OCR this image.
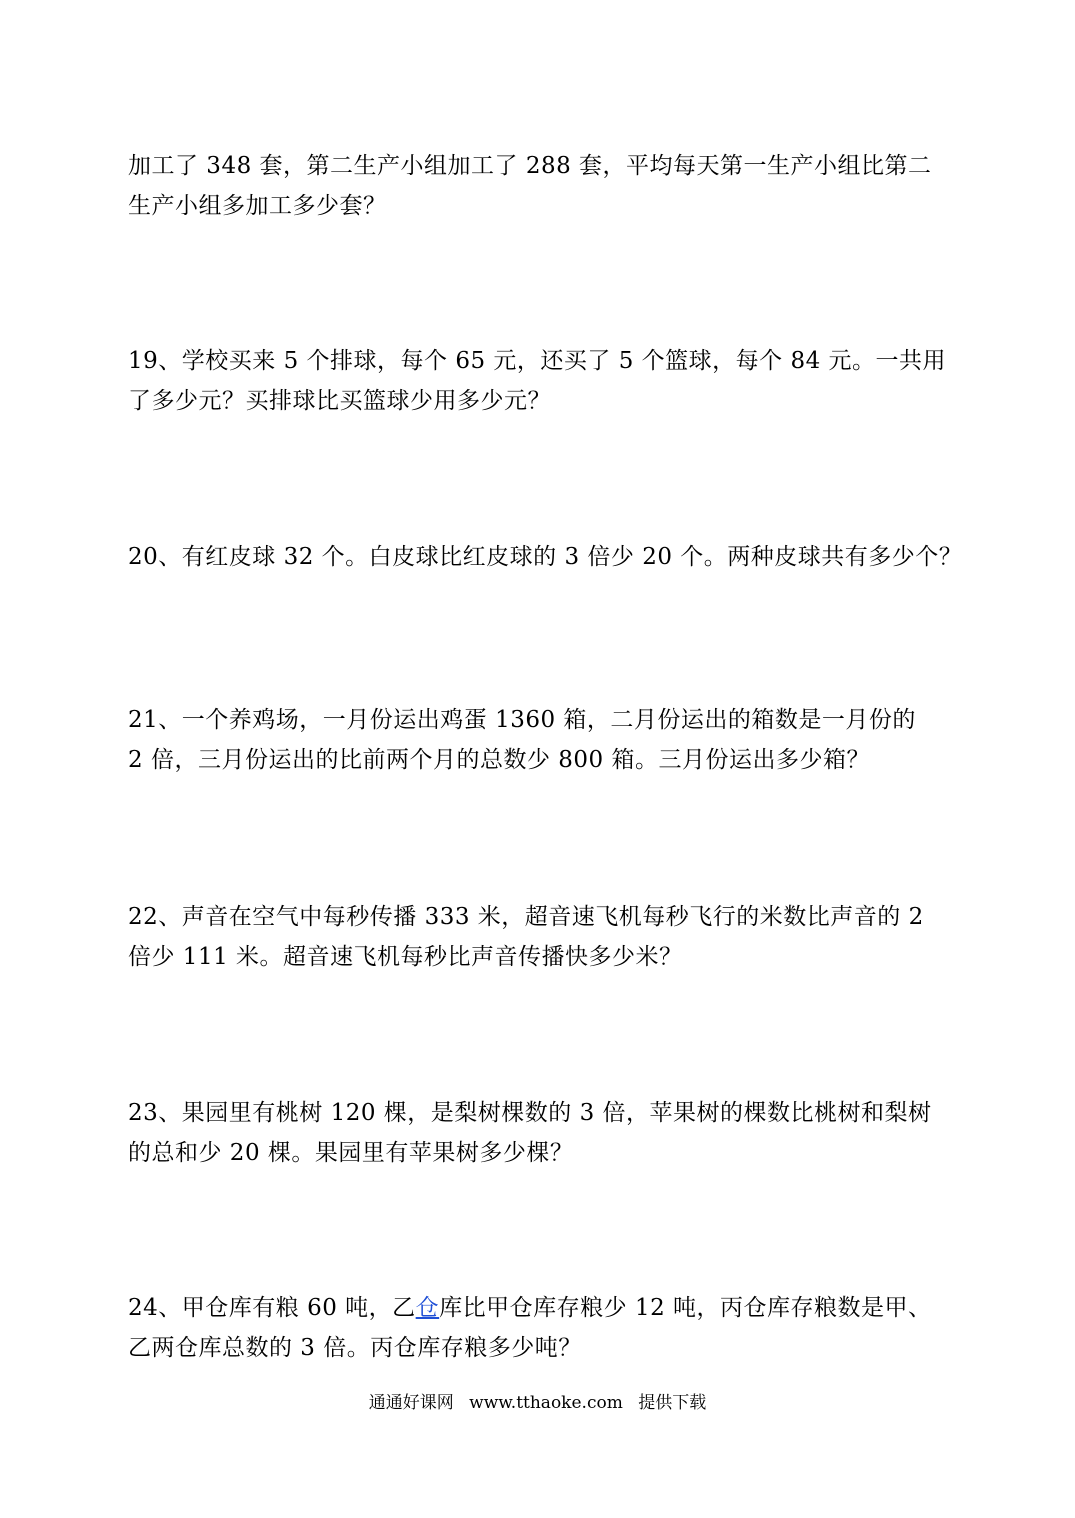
加工了 348 套，第二生产小组加工了 288 套，平均每天第一生产小组比第二
生产小组多加工多少套？
19、学校买来 5 个排球，每个 65 元，还买了 5 个篮球，每个 84 元。一共用
了多少元？买排球比买篮球少用多少元？
20、有红皮球 32 个。白皮球比红皮球的 3 倍少 20 个。两种皮球共有多少个？
21、一个养鸡场，一月份运出鸡蛋 1360 箱，二月份运出的箱数是一月份的
2 倍，三月份运出的比前两个月的总数少 800 箱。三月份运出多少箱？
22、声音在空气中每秒传播 333 米，超音速飞机每秒飞行的米数比声音的 2
倍少 111 米。超音速飞机每秒比声音传播快多少米？
23、果园里有桃树 120 棵，是梨树棵数的 3 倍，苹果树的棵数比桃树和梨树
的总和少 20 棵。果园里有苹果树多少棵？
24、甲仓库有粮 60 吨，乙仓库比甲仓库存粮少 12 吨，丙仓库存粮数是甲、
乙两仓库总数的 3 倍。丙仓库存粮多少吨？
通通好课网 www.tthaoke.com 提供下载
